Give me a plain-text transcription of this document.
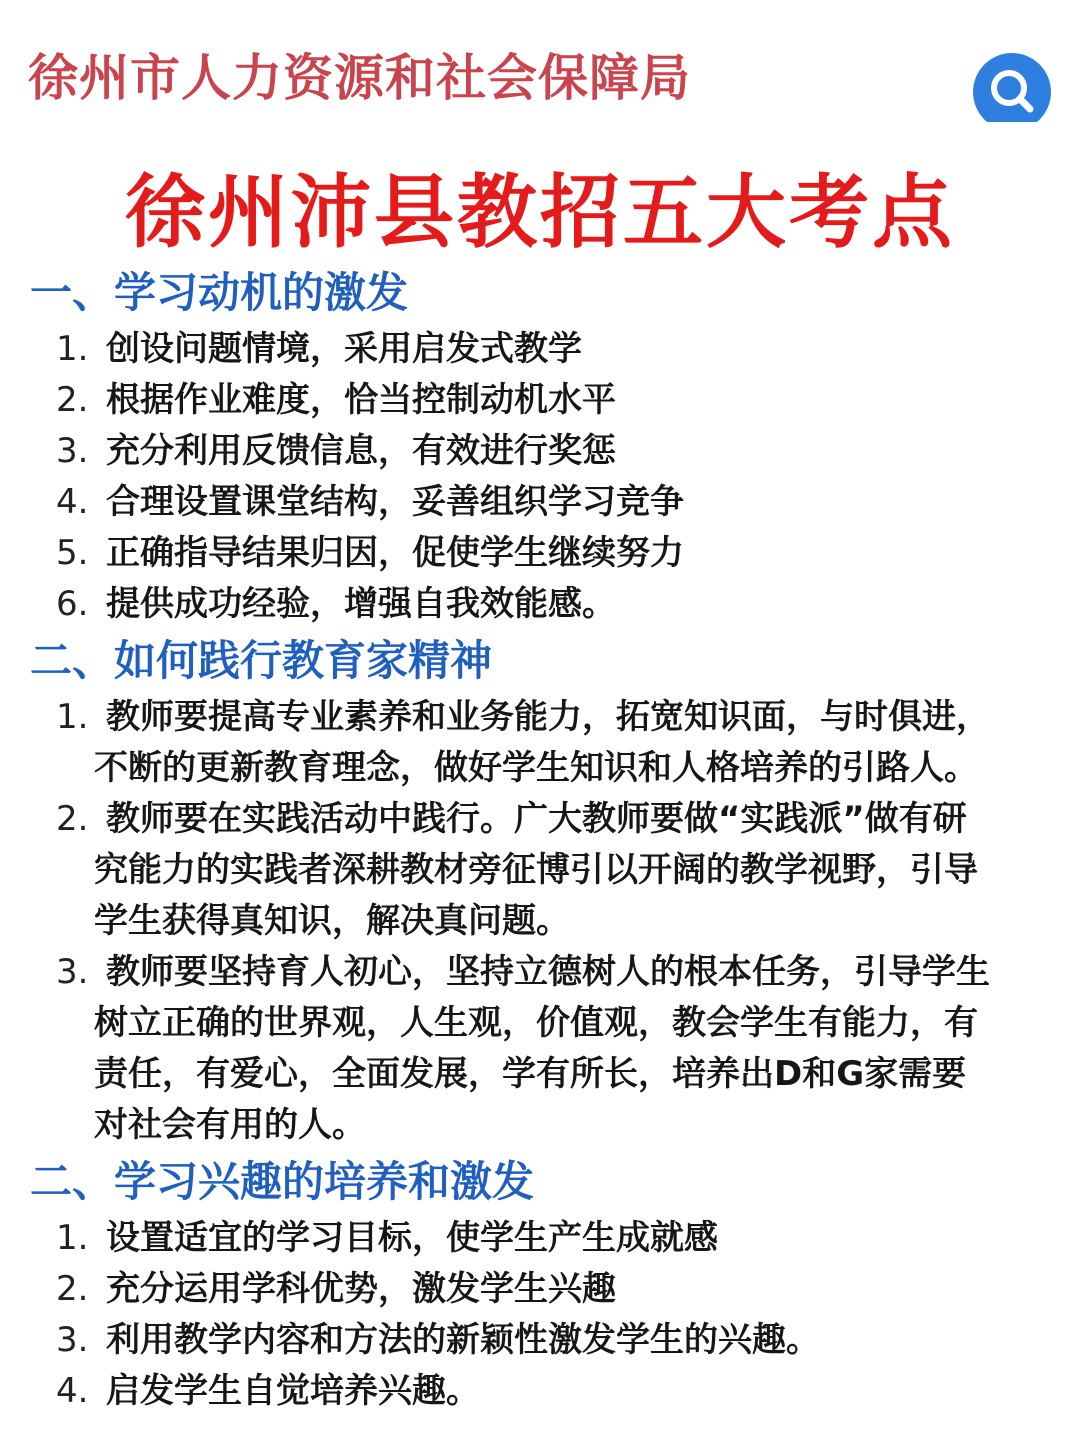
徐州市人力资源和社会保障局
徐州沛县教招五大考点
一、学习动机的激发
1. 创设问题情境，采用启发式教学
2. 根据作业难度，恰当控制动机水平
3. 充分利用反馈信息，有效进行奖惩
4. 合理设置课堂结构，妥善组织学习竞争
5. 正确指导结果归因，促使学生继续努力
6. 提供成功经验，增强自我效能感。
二、如何践行教育家精神
1. 教师要提高专业素养和业务能力，拓宽知识面，与时俱进，
不断的更新教育理念，做好学生知识和人格培养的引路人。
2. 教师要在实践活动中践行。广大教师要做“实践派”做有研
究能力的实践者深耕教材旁征博引以开阔的教学视野，引导
学生获得真知识，解决真问题。
3. 教师要坚持育人初心，坚持立德树人的根本任务，引导学生
树立正确的世界观，人生观，价值观，教会学生有能力，有
责任，有爱心，全面发展，学有所长，培养出D和G家需要
对社会有用的人。
二、学习兴趣的培养和激发
1. 设置适宜的学习目标，使学生产生成就感
2. 充分运用学科优势，激发学生兴趣
3. 利用教学内容和方法的新颖性激发学生的兴趣。
4. 启发学生自觉培养兴趣。
